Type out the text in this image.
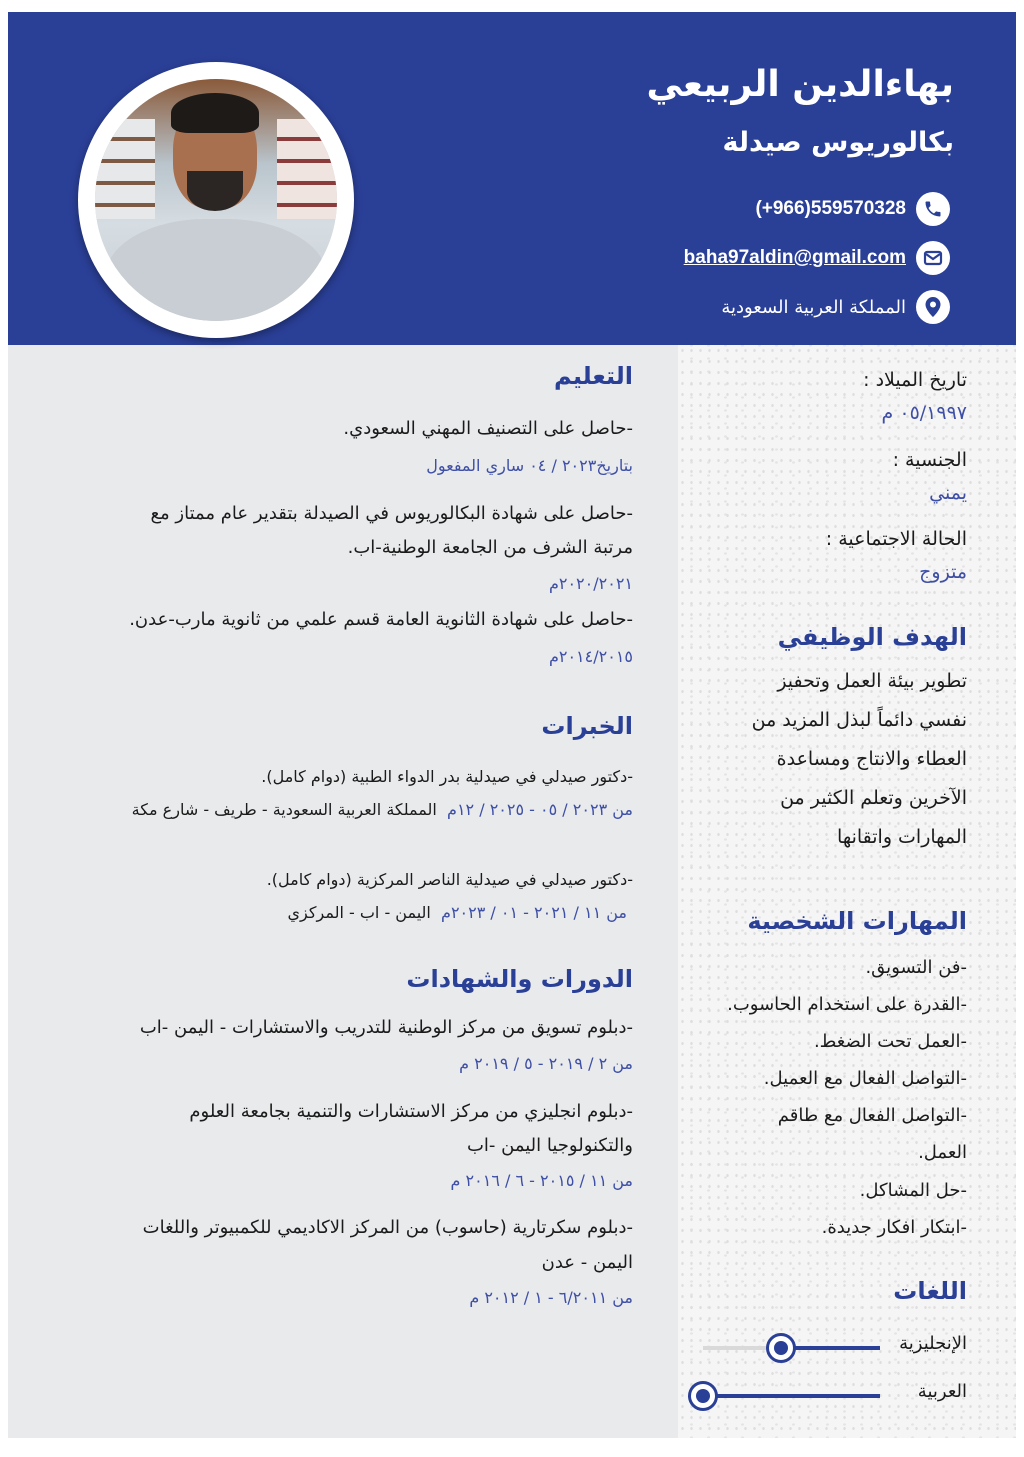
بهاءالدين الربيعي
بكالوريوس صيدلة
(+966)559570328
baha97aldin@gmail.com
المملكة العربية السعودية
تاريخ الميلاد :
٠٥/١٩٩٧ م
الجنسية :
يمني
الحالة الاجتماعية :
متزوج
الهدف الوظيفي
تطوير بيئة العمل وتحفيز
نفسي دائماً لبذل المزيد من
العطاء والانتاج ومساعدة
الآخرين وتعلم الكثير من
المهارات واتقانها
المهارات الشخصية
-فن التسويق.
-القدرة على استخدام الحاسوب.
-العمل تحت الضغط.
-التواصل الفعال مع العميل.
-التواصل الفعال مع طاقم
العمل.
-حل المشاكل.
-ابتكار افكار جديدة.
اللغات
الإنجليزية
العربية
التعليم
-حاصل على التصنيف المهني السعودي.
بتاريخ٢٠٢٣ / ٠٤ ساري المفعول
-حاصل على شهادة البكالوريوس في الصيدلة بتقدير عام ممتاز مع
مرتبة الشرف من الجامعة الوطنية-اب.
٢٠٢٠/٢٠٢١م
-حاصل على شهادة الثانوية العامة قسم علمي من ثانوية مارب-عدن.
٢٠١٤/٢٠١٥م
الخبرات
-دكتور صيدلي في صيدلية بدر الدواء الطبية (دوام كامل).
من ٢٠٢٣ / ٠٥ - ٢٠٢٥ / ١٢م  المملكة العربية السعودية - طريف - شارع مكة
-دكتور صيدلي في صيدلية الناصر المركزية (دوام كامل).
من ١١ / ٢٠٢١ - ٠١ / ٢٠٢٣م  اليمن - اب - المركزي
الدورات والشهادات
-دبلوم تسويق من مركز الوطنية للتدريب والاستشارات - اليمن -اب
من ٢ / ٢٠١٩ - ٥ / ٢٠١٩ م
-دبلوم انجليزي من مركز الاستشارات والتنمية بجامعة العلوم
والتكنولوجيا اليمن -اب
من ١١ / ٢٠١٥ - ٦ / ٢٠١٦ م
-دبلوم سكرتارية (حاسوب) من المركز الاكاديمي للكمبيوتر واللغات
اليمن - عدن
من ٦/٢٠١١ - ١ / ٢٠١٢ م
